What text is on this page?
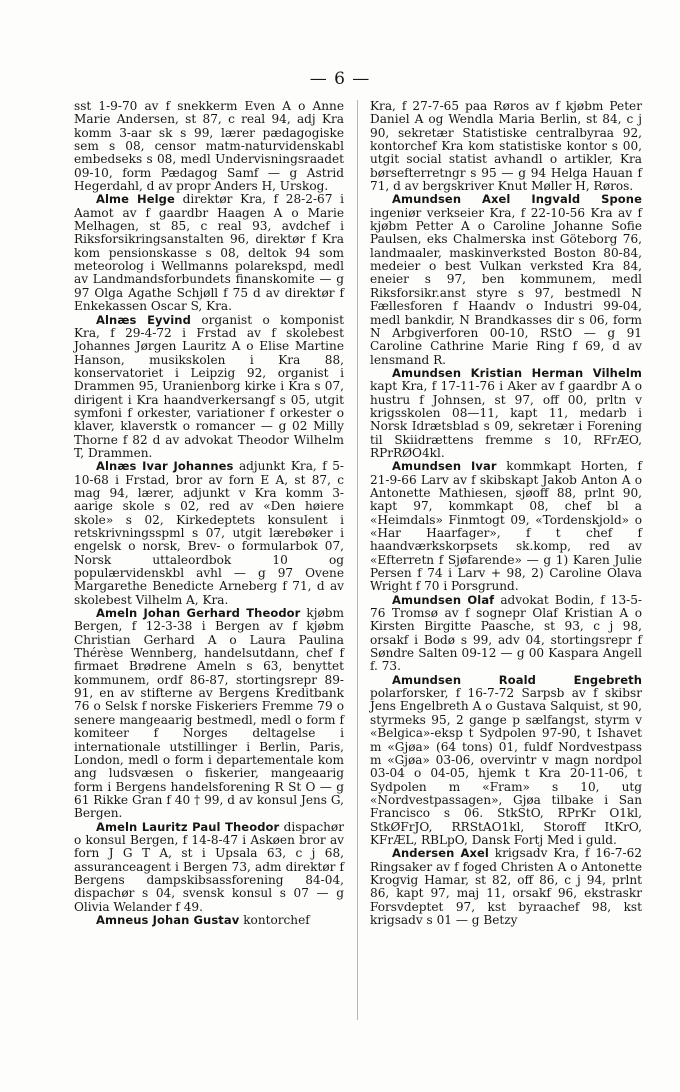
— 6 —

sst 1-9-70 av f snekkerm Even A o Anne Marie Andersen, st 87, c real 94, adj Kra komm 3-aar sk s 99, lærer pædagogiske sem s 08, censor matm-naturvidenskabl embedseks s 08, medl Undervisningsraadet 09-10, form Pædagog Samf — g Astrid Hegerdahl, d av propr Anders H, Urskog.

Alme Helge direktør Kra, f 28-2-67 i Aamot av f gaardbr Haagen A o Marie Melhagen, st 85, c real 93, avdchef i Riksforsikringsanstalten 96, direktør f Kra kom pensionskasse s 08, deltok 94 som meteorolog i Wellmanns polarekspd, medl av Landmandsforbundets finanskomite — g 97 Olga Agathe Schjøll f 75 d av direktør f Enkekassen Oscar S, Kra.

Alnæs Eyvind organist o komponist Kra, f 29-4-72 i Frstad av f skolebest Johannes Jørgen Lauritz A o Elise Martine Hanson, musikskolen i Kra 88, konservatoriet i Leipzig 92, organist i Drammen 95, Uranienborg kirke i Kra s 07, dirigent i Kra haandverkersangf s 05, utgit symfoni f orkester, variationer f orkester o klaver, klaverstk o romancer — g 02 Milly Thorne f 82 d av advokat Theodor Wilhelm T, Drammen.

Alnæs Ivar Johannes adjunkt Kra, f 5-10-68 i Frstad, bror av forn E A, st 87, c mag 94, lærer, adjunkt v Kra komm 3-aarige skole s 02, red av «Den høiere skole» s 02, Kirkedeptets konsulent i retskrivningsspml s 07, utgit lærebøker i engelsk o norsk, Brev- o formularbok 07, Norsk uttaleordbok 10 og populærvidenskbl avhl — g 97 Ovene Margarethe Benedicte Arneberg f 71, d av skolebest Vilhelm A, Kra.

Ameln Johan Gerhard Theodor kjøbm Bergen, f 12-3-38 i Bergen av f kjøbm Christian Gerhard A o Laura Paulina Thérèse Wennberg, handelsutdann, chef f firmaet Brødrene Ameln s 63, benyttet kommunem, ordf 86-87, stortingsrepr 89-91, en av stifterne av Bergens Kreditbank 76 o Selsk f norske Fiskeriers Fremme 79 o senere mangeaarig bestmedl, medl o form f komiteer f Norges deltagelse i internationale utstillinger i Berlin, Paris, London, medl o form i departementale kom ang ludsvæsen o fiskerier, mangeaarig form i Bergens handelsforening R St O — g 61 Rikke Gran f 40 † 99, d av konsul Jens G, Bergen.

Ameln Lauritz Paul Theodor dispachør o konsul Bergen, f 14-8-47 i Askøen bror av forn J G T A, st i Upsala 63, c j 68, assuranceagent i Bergen 73, adm direktør f Bergens dampskibsassforening 84-04, dispachør s 04, svensk konsul s 07 — g Olivia Welander f 49.

Amneus Johan Gustav kontorchef

Kra, f 27-7-65 paa Røros av f kjøbm Peter Daniel A og Wendla Maria Berlin, st 84, c j 90, sekretær Statistiske centralbyraa 92, kontorchef Kra kom statistiske kontor s 00, utgit social statist avhandl o artikler, Kra børsefterretngr s 95 — g 94 Helga Hauan f 71, d av bergskriver Knut Møller H, Røros.

Amundsen Axel Ingvald Spone ingeniør verkseier Kra, f 22-10-56 Kra av f kjøbm Petter A o Caroline Johanne Sofie Paulsen, eks Chalmerska inst Göteborg 76, landmaaler, maskinverksted Boston 80-84, medeier o best Vulkan verksted Kra 84, eneier s 97, ben kommunem, medl Riksforsikr.anst styre s 97, bestmedl N Fællesforen f Haandv o Industri 99-04, medl bankdir, N Brandkasses dir s 06, form N Arbgiverforen 00-10, RStO — g 91 Caroline Cathrine Marie Ring f 69, d av lensmand R.

Amundsen Kristian Herman Vilhelm kapt Kra, f 17-11-76 i Aker av f gaardbr A o hustru f Johnsen, st 97, off 00, prltn v krigsskolen 08—11, kapt 11, medarb i Norsk Idrætsblad s 09, sekretær i Forening til Skiidrættens fremme s 10, RFrÆO, RPrRØO4kl.

Amundsen Ivar kommkapt Horten, f 21-9-66 Larv av f skibskapt Jakob Anton A o Antonette Mathiesen, sjøoff 88, prlnt 90, kapt 97, kommkapt 08, chef bl a «Heimdals» Finmtogt 09, «Tordenskjold» o «Har Haarfager», f t chef f haandværkskorpsets sk.komp, red av «Efterretn f Sjøfarende» — g 1) Karen Julie Persen f 74 i Larv + 98, 2) Caroline Olava Wright f 70 i Porsgrund.

Amundsen Olaf advokat Bodin, f 13-5-76 Tromsø av f sognepr Olaf Kristian A o Kirsten Birgitte Paasche, st 93, c j 98, orsakf i Bodø s 99, adv 04, stortingsrepr f Søndre Salten 09-12 — g 00 Kaspara Angell f. 73.

Amundsen Roald Engebreth polarforsker, f 16-7-72 Sarpsb av f skibsr Jens Engelbreth A o Gustava Salquist, st 90, styrmeks 95, 2 gange p sælfangst, styrm v «Belgica»-eksp t Sydpolen 97-90, t Ishavet m «Gjøa» (64 tons) 01, fuldf Nordvestpass m «Gjøa» 03-06, overvintr v magn nordpol 03-04 o 04-05, hjemk t Kra 20-11-06, t Sydpolen m «Fram» s 10, utg «Nordvestpassagen», Gjøa tilbake i San Francisco s 06. StkStO, RPrKr O1kl, StkØFrJO, RRStAO1kl, Storoff ItKrO, KFrÆL, RBLpO, Dansk Fortj Med i guld.

Andersen Axel krigsadv Kra, f 16-7-62 Ringsaker av f foged Christen A o Antonette Krogvig Hamar, st 82, off 86, c j 94, prlnt 86, kapt 97, maj 11, orsakf 96, ekstraskr Forsvdeptet 97, kst byraachef 98, kst krigsadv s 01 — g Betzy
